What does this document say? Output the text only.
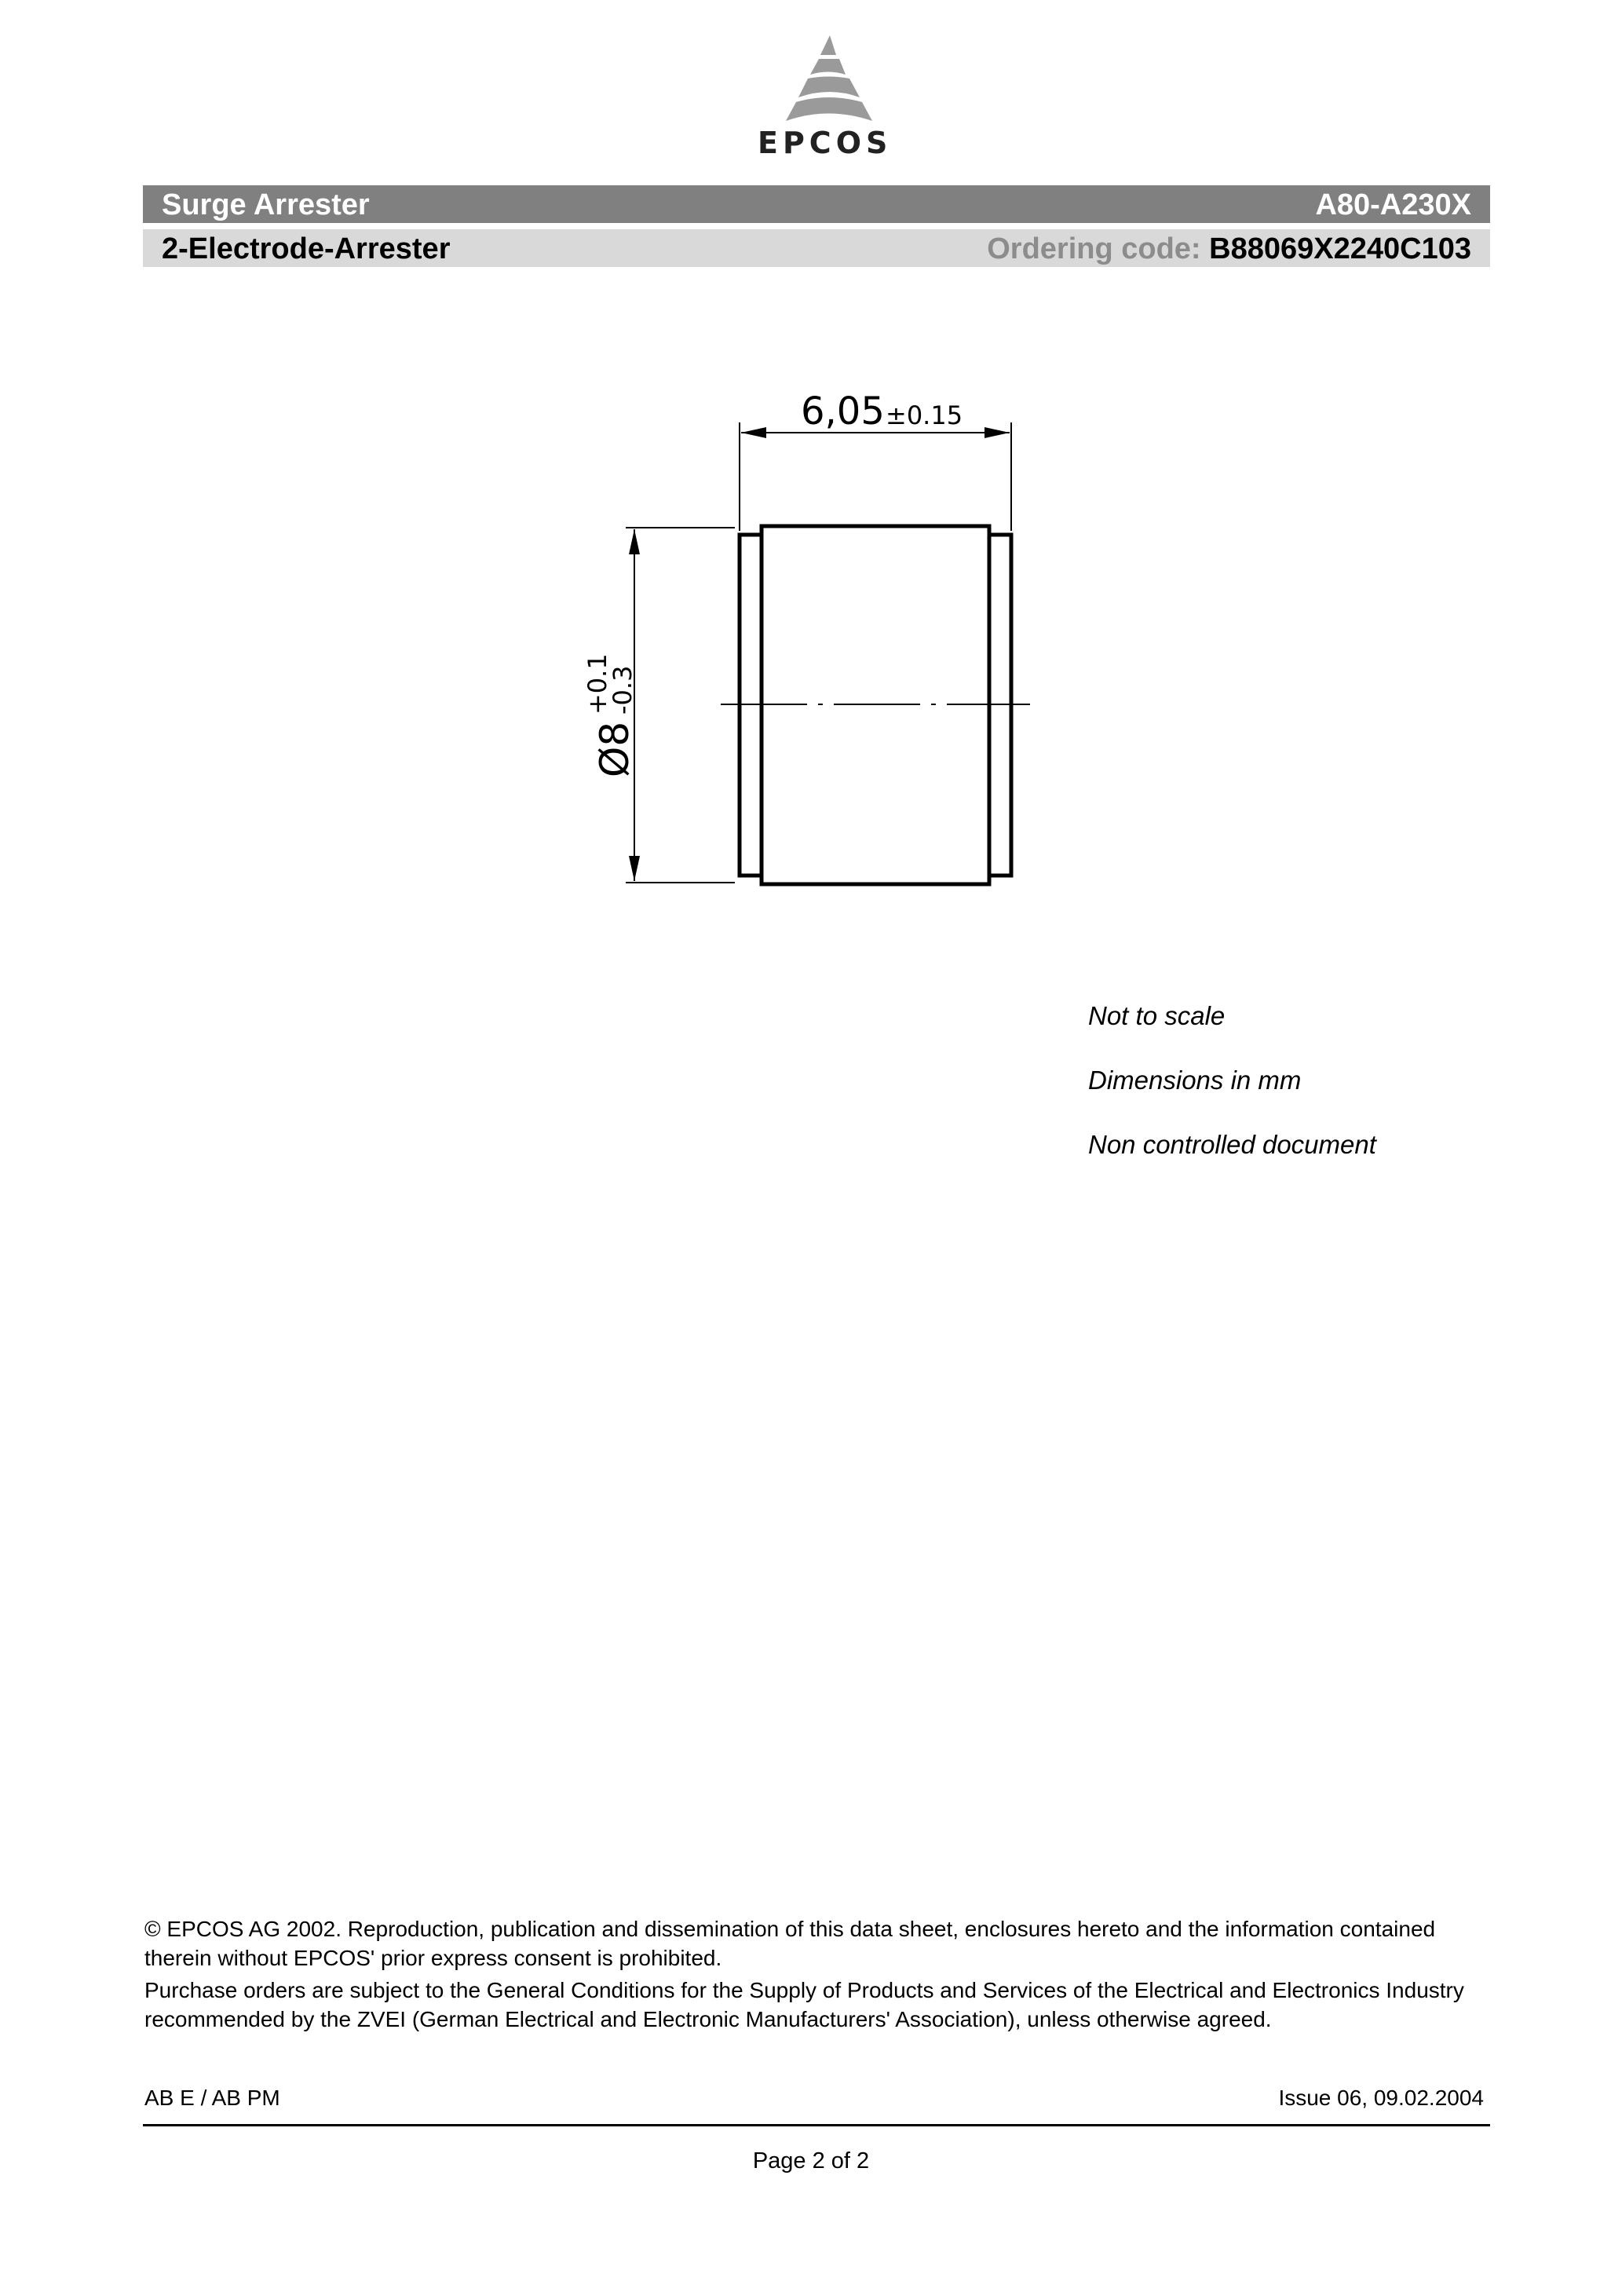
EPCOS
Surge Arrester	A80-A230X
2-Electrode-Arrester	Ordering code: B88069X2240C103
6,05 ±0.15
Ø8
+0.1
-0.3
Not to scale
Dimensions in mm
Non controlled document

© EPCOS AG 2002. Reproduction, publication and dissemination of this data sheet, enclosures hereto and the information contained therein without EPCOS' prior express consent is prohibited.

Purchase orders are subject to the General Conditions for the Supply of Products and Services of the Electrical and Electronics Industry recommended by the ZVEI (German Electrical and Electronic Manufacturers' Association), unless otherwise agreed.

AB E / AB PM	Issue 06, 09.02.2004
Page 2 of 2
